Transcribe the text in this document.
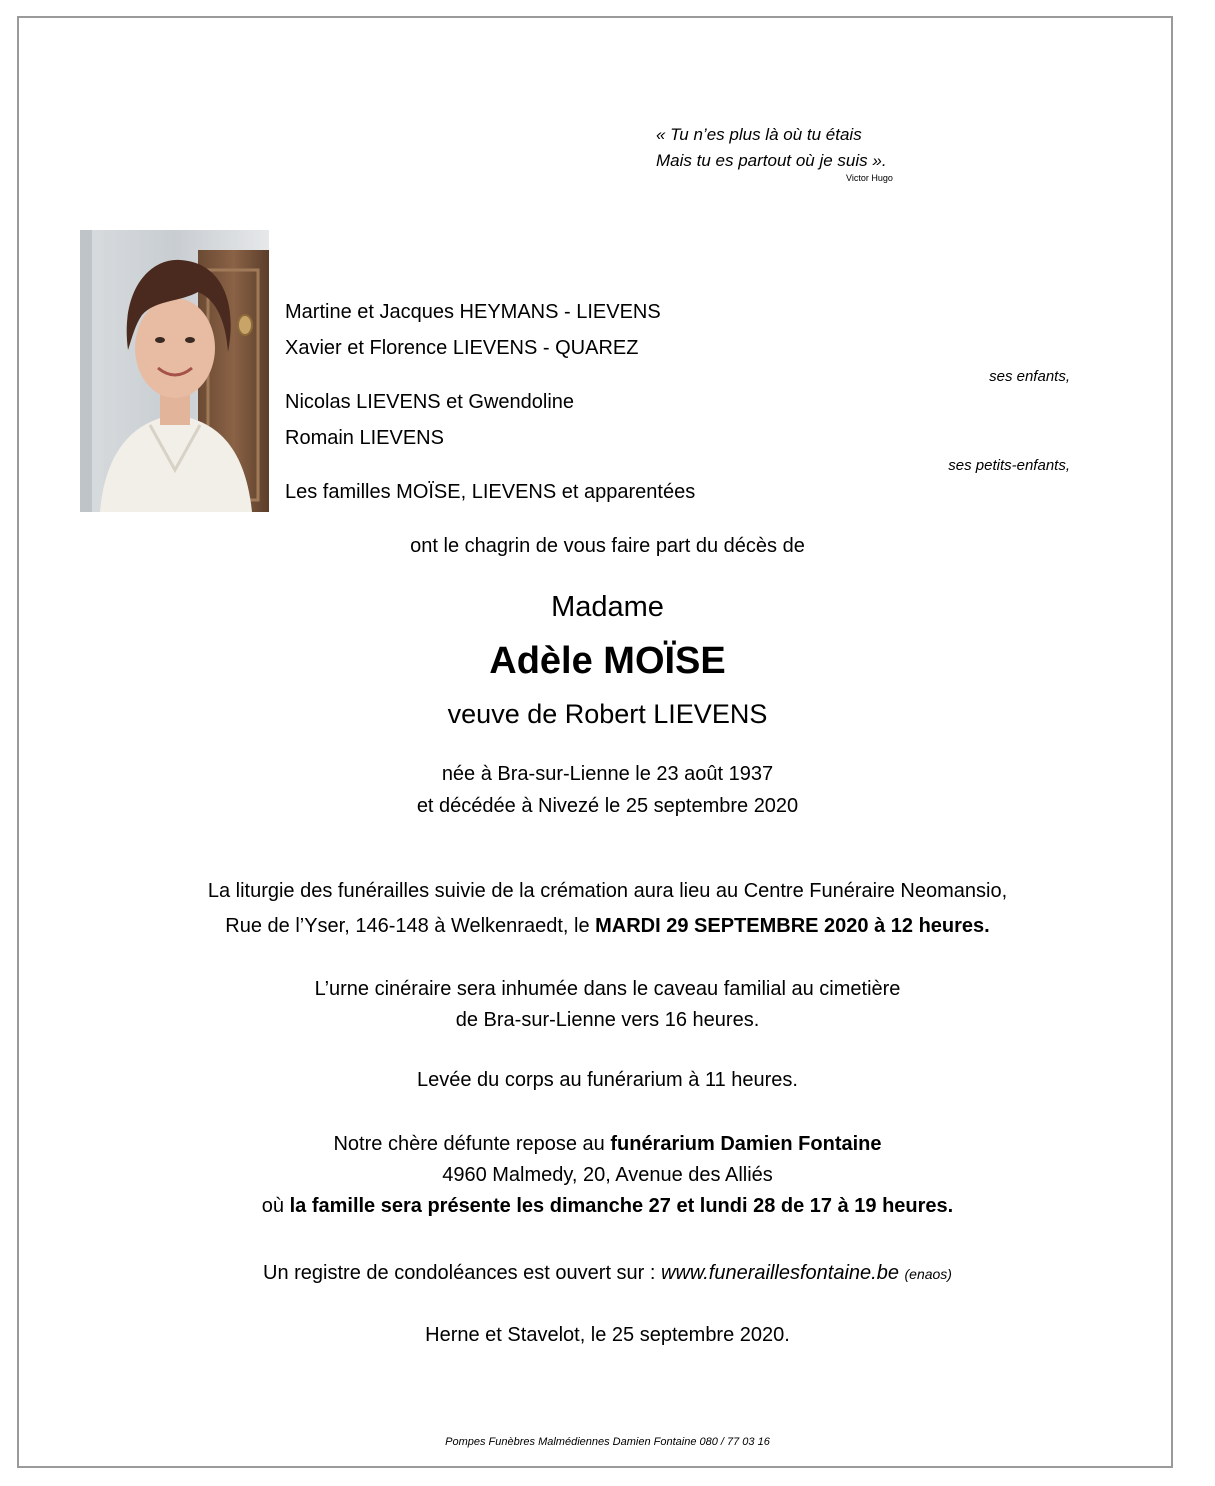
« Tu n’es plus là où tu étais
Mais tu es partout où je suis ».
Victor Hugo
Martine et Jacques HEYMANS - LIEVENS
Xavier et Florence LIEVENS - QUAREZ
ses enfants,
Nicolas LIEVENS et Gwendoline
Romain LIEVENS
ses petits-enfants,
Les familles MOÏSE, LIEVENS et apparentées
ont le chagrin de vous faire part du décès de
Madame
Adèle MOÏSE
veuve de Robert LIEVENS
née à Bra-sur-Lienne le 23 août 1937
et décédée à Nivezé le 25 septembre 2020
La liturgie des funérailles suivie de la crémation aura lieu au Centre Funéraire Neomansio,
Rue de l’Yser, 146-148 à Welkenraedt, le MARDI 29 SEPTEMBRE 2020 à 12 heures.
L’urne cinéraire sera inhumée dans le caveau familial au cimetière
de Bra-sur-Lienne vers 16 heures.
Levée du corps au funérarium à 11 heures.
Notre chère défunte repose au funérarium Damien Fontaine
4960 Malmedy, 20, Avenue des Alliés
où la famille sera présente les dimanche 27 et lundi 28 de 17 à 19 heures.
Un registre de condoléances est ouvert sur : www.funeraillesfontaine.be (enaos)
Herne et Stavelot, le 25 septembre 2020.
Pompes Funèbres Malmédiennes Damien Fontaine 080 / 77 03 16
